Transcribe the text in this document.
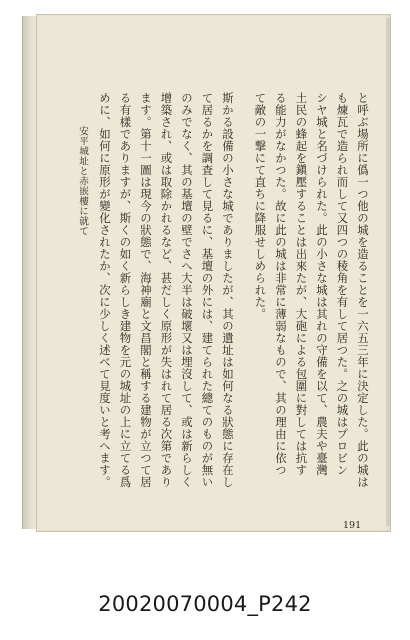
と呼ぶ場所に僞一つ他の城を造ることを一六五三年に決定した。此の城は
も煉瓦で造られ而して又四つの稜角を有して居つた。之の城はプロビン
シヤ城と名づけられた。此の小さな城は其れの守備を以て、農夫や臺灣
土民の蜂起を鎭壓することは出來たが、大砲による包圍に對しては抗す
る能力がなかつた。故に此の城は非常に薄弱なもので、其の理由に依つ
て敵の一撃にて直ちに降服せしめられた。
斯かる設備の小さな城でありましたが、其の遺址は如何なる狀態に存在し
て居るかを調査して見るに、基壇の外には、建てられた總てのものが無い
のみでなく、其の基壇の壁でさへ大半は破壞又は埋沒して、或は新らしく
增築され、或は取除かれるなど、甚だしく原形が失はれて居る次第であり
ます。第十一圖は現今の狀態で、海神廟と文昌閣と稱する建物が立つて居
る有樣でありますが、斯くの如く新らしき建物を元の城址の上に立てる爲
めに、如何に原形が變化されたか、次に少しく述べて見度いと考へます。
安平城址と赤嵌樓に就て
191
20020070004_P242
